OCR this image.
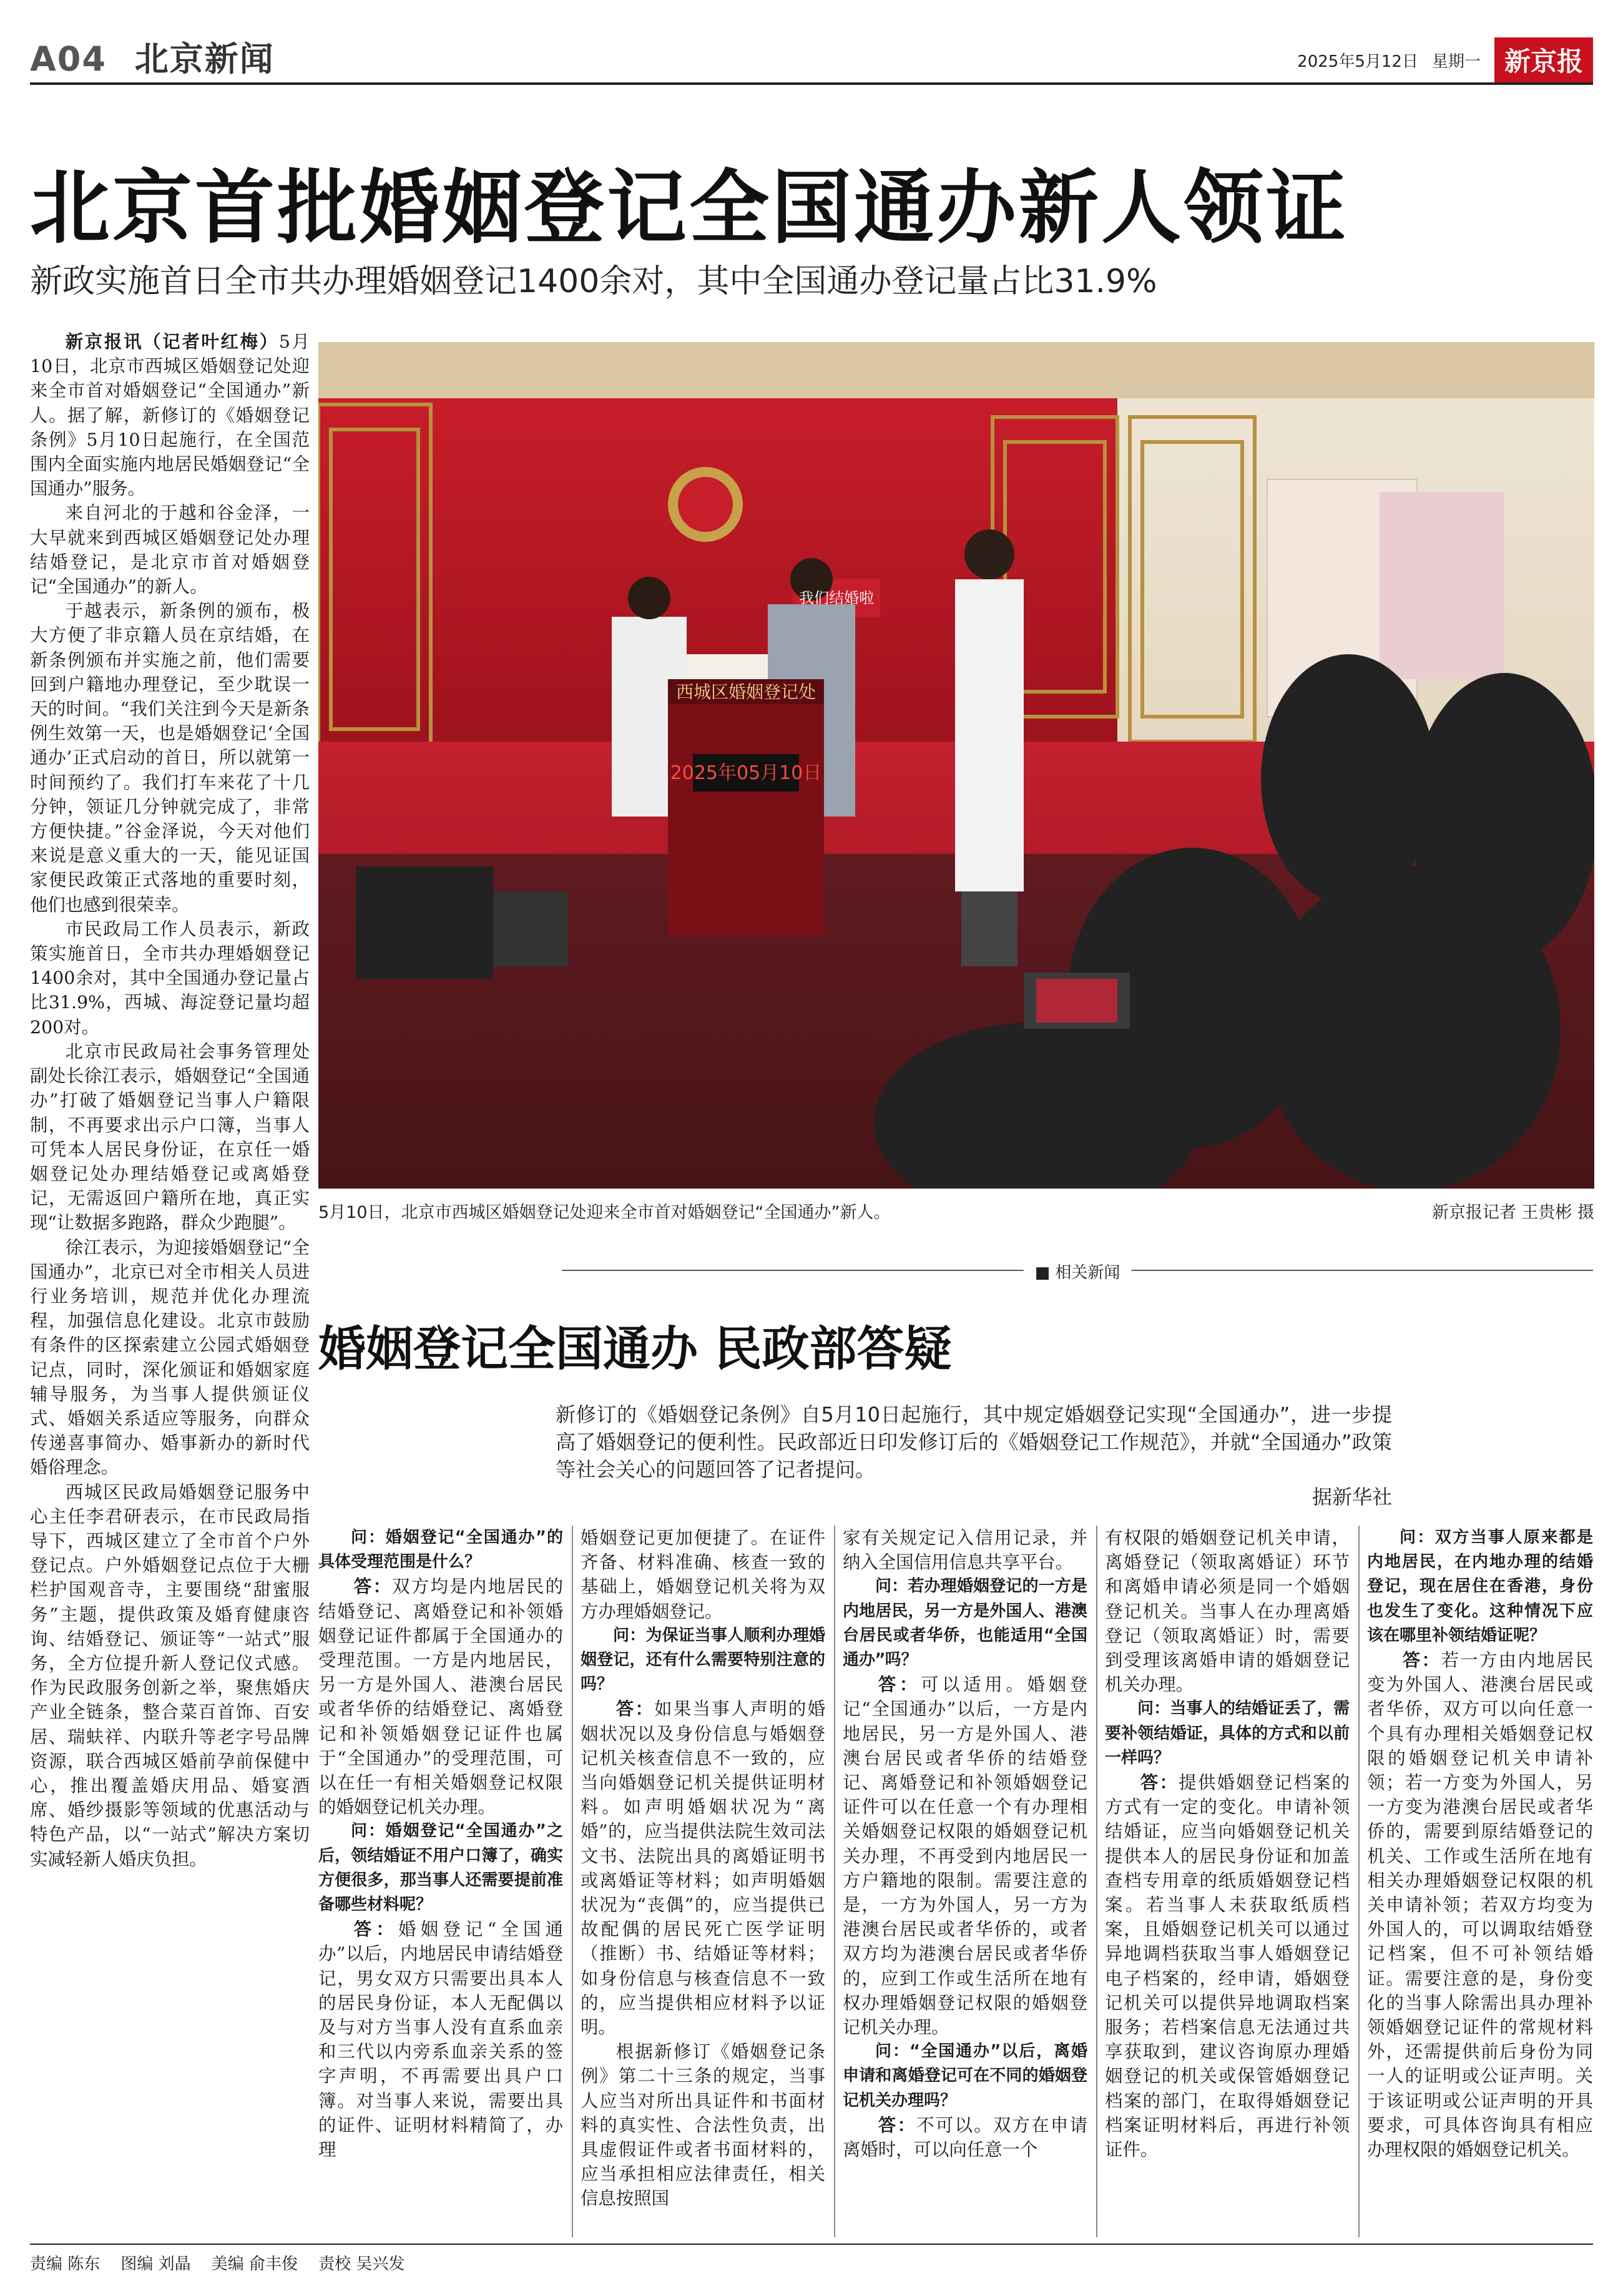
A04 北京新闻	2025年5月12日 星期一 新京报
北京首批婚姻登记全国通办新人领证
新政实施首日全市共办理婚姻登记1400余对，其中全国通办登记量占比31.9%

新京报讯（记者叶红梅）5月10日，北京市西城区婚姻登记处迎来全市首对婚姻登记“全国通办”新人。据了解，新修订的《婚姻登记条例》5月10日起施行，在全国范围内全面实施内地居民婚姻登记“全国通办”服务。

来自河北的于越和谷金泽，一大早就来到西城区婚姻登记处办理结婚登记，是北京市首对婚姻登记“全国通办”的新人。

于越表示，新条例的颁布，极大方便了非京籍人员在京结婚，在新条例颁布并实施之前，他们需要回到户籍地办理登记，至少耽误一天的时间。“我们关注到今天是新条例生效第一天，也是婚姻登记‘全国通办’正式启动的首日，所以就第一时间预约了。我们打车来花了十几分钟，领证几分钟就完成了，非常方便快捷。”谷金泽说，今天对他们来说是意义重大的一天，能见证国家便民政策正式落地的重要时刻，他们也感到很荣幸。

市民政局工作人员表示，新政策实施首日，全市共办理婚姻登记1400余对，其中全国通办登记量占比31.9%，西城、海淀登记量均超200对。

北京市民政局社会事务管理处副处长徐江表示，婚姻登记“全国通办”打破了婚姻登记当事人户籍限制，不再要求出示户口簿，当事人可凭本人居民身份证，在京任一婚姻登记处办理结婚登记或离婚登记，无需返回户籍所在地，真正实现“让数据多跑路，群众少跑腿”。

徐江表示，为迎接婚姻登记“全国通办”，北京已对全市相关人员进行业务培训，规范并优化办理流程，加强信息化建设。北京市鼓励有条件的区探索建立公园式婚姻登记点，同时，深化颁证和婚姻家庭辅导服务，为当事人提供颁证仪式、婚姻关系适应等服务，向群众传递喜事简办、婚事新办的新时代婚俗理念。

西城区民政局婚姻登记服务中心主任李君研表示，在市民政局指导下，西城区建立了全市首个户外登记点。户外婚姻登记点位于大栅栏护国观音寺，主要围绕“甜蜜服务”主题，提供政策及婚育健康咨询、结婚登记、颁证等“一站式”服务，全方位提升新人登记仪式感。作为民政服务创新之举，聚焦婚庆产业全链条，整合菜百首饰、百安居、瑞蚨祥、内联升等老字号品牌资源，联合西城区婚前孕前保健中心，推出覆盖婚庆用品、婚宴酒席、婚纱摄影等领域的优惠活动与特色产品，以“一站式”解决方案切实减轻新人婚庆负担。

2025年05月10日
西城区婚姻登记处
我们结婚啦
5月10日，北京市西城区婚姻登记处迎来全市首对婚姻登记“全国通办”新人。	新京报记者 王贵彬 摄
■ 相关新闻
婚姻登记全国通办 民政部答疑
新修订的《婚姻登记条例》自5月10日起施行，其中规定婚姻登记实现“全国通办”，进一步提高了婚姻登记的便利性。民政部近日印发修订后的《婚姻登记工作规范》，并就“全国通办”政策等社会关心的问题回答了记者提问。
据新华社

问：婚姻登记“全国通办”的具体受理范围是什么？

答：双方均是内地居民的结婚登记、离婚登记和补领婚姻登记证件都属于全国通办的受理范围。一方是内地居民，另一方是外国人、港澳台居民或者华侨的结婚登记、离婚登记和补领婚姻登记证件也属于“全国通办”的受理范围，可以在任一有相关婚姻登记权限的婚姻登记机关办理。

问：婚姻登记“全国通办”之后，领结婚证不用户口簿了，确实方便很多，那当事人还需要提前准备哪些材料呢？

答：婚姻登记“全国通办”以后，内地居民申请结婚登记，男女双方只需要出具本人的居民身份证，本人无配偶以及与对方当事人没有直系血亲和三代以内旁系血亲关系的签字声明，不再需要出具户口簿。对当事人来说，需要出具的证件、证明材料精简了，办理

婚姻登记更加便捷了。在证件齐备、材料准确、核查一致的基础上，婚姻登记机关将为双方办理婚姻登记。

问：为保证当事人顺利办理婚姻登记，还有什么需要特别注意的吗？

答：如果当事人声明的婚姻状况以及身份信息与婚姻登记机关核查信息不一致的，应当向婚姻登记机关提供证明材料。如声明婚姻状况为“离婚”的，应当提供法院生效司法文书、法院出具的离婚证明书或离婚证等材料；如声明婚姻状况为“丧偶”的，应当提供已故配偶的居民死亡医学证明（推断）书、结婚证等材料；如身份信息与核查信息不一致的，应当提供相应材料予以证明。

根据新修订《婚姻登记条例》第二十三条的规定，当事人应当对所出具证件和书面材料的真实性、合法性负责，出具虚假证件或者书面材料的，应当承担相应法律责任，相关信息按照国

家有关规定记入信用记录，并纳入全国信用信息共享平台。

问：若办理婚姻登记的一方是内地居民，另一方是外国人、港澳台居民或者华侨，也能适用“全国通办”吗？

答：可以适用。婚姻登记“全国通办”以后，一方是内地居民，另一方是外国人、港澳台居民或者华侨的结婚登记、离婚登记和补领婚姻登记证件可以在任意一个有办理相关婚姻登记权限的婚姻登记机关办理，不再受到内地居民一方户籍地的限制。需要注意的是，一方为外国人，另一方为港澳台居民或者华侨的，或者双方均为港澳台居民或者华侨的，应到工作或生活所在地有权办理婚姻登记权限的婚姻登记机关办理。

问：“全国通办”以后，离婚申请和离婚登记可在不同的婚姻登记机关办理吗？

答：不可以。双方在申请离婚时，可以向任意一个

有权限的婚姻登记机关申请，离婚登记（领取离婚证）环节和离婚申请必须是同一个婚姻登记机关。当事人在办理离婚登记（领取离婚证）时，需要到受理该离婚申请的婚姻登记机关办理。

问：当事人的结婚证丢了，需要补领结婚证，具体的方式和以前一样吗？

答：提供婚姻登记档案的方式有一定的变化。申请补领结婚证，应当向婚姻登记机关提供本人的居民身份证和加盖查档专用章的纸质婚姻登记档案。若当事人未获取纸质档案，且婚姻登记机关可以通过异地调档获取当事人婚姻登记电子档案的，经申请，婚姻登记机关可以提供异地调取档案服务；若档案信息无法通过共享获取到，建议咨询原办理婚姻登记的机关或保管婚姻登记档案的部门，在取得婚姻登记档案证明材料后，再进行补领证件。

问：双方当事人原来都是内地居民，在内地办理的结婚登记，现在居住在香港，身份也发生了变化。这种情况下应该在哪里补领结婚证呢？

答：若一方由内地居民变为外国人、港澳台居民或者华侨，双方可以向任意一个具有办理相关婚姻登记权限的婚姻登记机关申请补领；若一方变为外国人，另一方变为港澳台居民或者华侨的，需要到原结婚登记的机关、工作或生活所在地有相关办理婚姻登记权限的机关申请补领；若双方均变为外国人的，可以调取结婚登记档案，但不可补领结婚证。需要注意的是，身份变化的当事人除需出具办理补领婚姻登记证件的常规材料外，还需提供前后身份为同一人的证明或公证声明。关于该证明或公证声明的开具要求，可具体咨询具有相应办理权限的婚姻登记机关。

责编 陈东 图编 刘晶 美编 俞丰俊 责校 吴兴发
